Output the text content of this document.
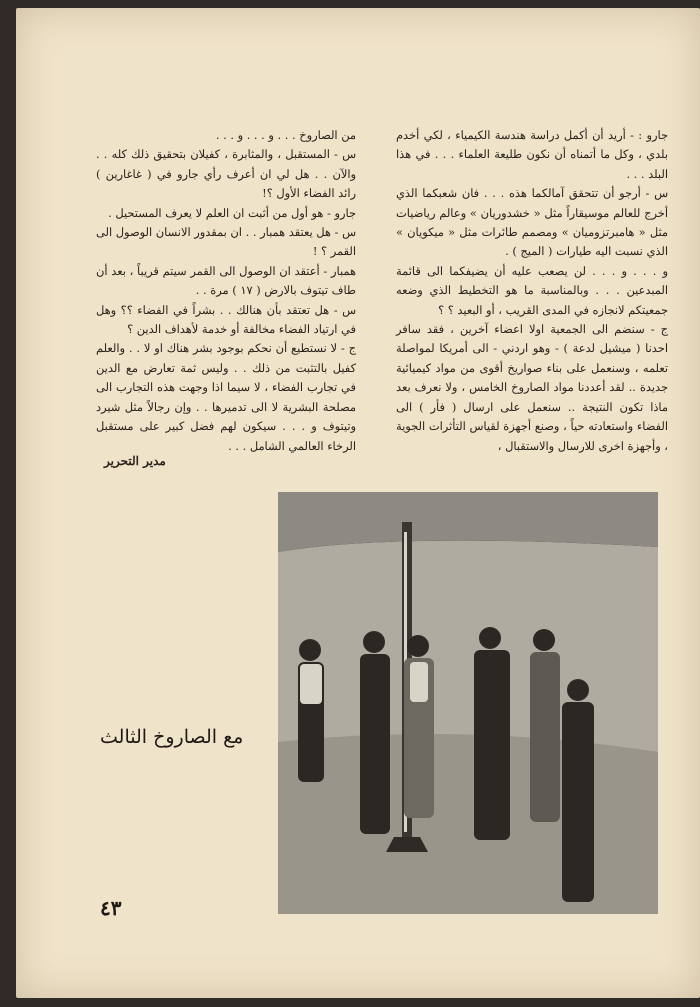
جارو : - أريد أن أكمل دراسة هندسة الكيمياء ، لكي أخدم بلدي ، وكل ما أتمناه أن نكون طليعة العلماء . . . في هذا البلد . . .

س - أرجو أن تتحقق آمالكما هذه . . . فان شعبكما الذي أخرج للعالم موسيقاراً مثل « خشدوريان » وعالم رياضيات مثل « هامبرتزوميان » ومصمم طائرات مثل « ميكويان » الذي نسبت اليه طيارات ( الميج ) .

و . . . و . . . لن يصعب عليه أن يضيفكما الى قائمة المبدعين . . . وبالمناسبة ما هو التخطيط الذي وضعه جمعيتكم لانجازه في المدى القريب ، أو البعيد ؟ ؟

ج - سنضم الى الجمعية اولا اعضاء آخرين ، فقد سافر احدنا ( ميشيل لدعة ) - وهو اردني - الى أمريكا لمواصلة تعلمه ، وسنعمل على بناء صواريخ أقوى من مواد كيميائية جديدة .. لقد أعددنا مواد الصاروخ الخامس ، ولا نعرف بعد ماذا تكون النتيجة .. سنعمل على ارسال ( فأر ) الى الفضاء واستعادته حياً ، وصنع أجهزة لقياس التأثرات الجوية ، وأجهزة اخرى للارسال والاستقبال ،

من الصاروخ . . . و . . . و . . .

س - المستقبل ، والمثابرة ، كفيلان بتحقيق ذلك كله . . والآن . . هل لي ان أعرف رأي جارو في ( غاغارين ) رائد الفضاء الأول ؟!

جارو - هو أول من أثبت ان العلم لا يعرف المستحيل .

س - هل يعتقد همبار . . ان بمقدور الانسان الوصول الى القمر ؟ !

همبار - أعتقد ان الوصول الى القمر سيتم قريباً ، بعد أن طاف تيتوف بالارض ( ١٧ ) مرة . .

س - هل تعتقد بأن هنالك . . بشراً في الفضاء ؟؟ وهل في ارتياد الفضاء مخالفة أو خدمة لأهداف الدين ؟

ج - لا نستطيع أن نحكم بوجود بشر هناك او لا . . والعلم كفيل بالتثبت من ذلك . . وليس ثمة تعارض مع الدين في تجارب الفضاء ، لا سيما اذا وجهت هذه التجارب الى مصلحة البشرية لا الى تدميرها . . وإن رجالاً مثل شيرد وتيتوف و . . . سيكون لهم فضل كبير على مستقبل الرخاء العالمي الشامل . . .

مدير التحرير
مع الصاروخ الثالث
٤٣
